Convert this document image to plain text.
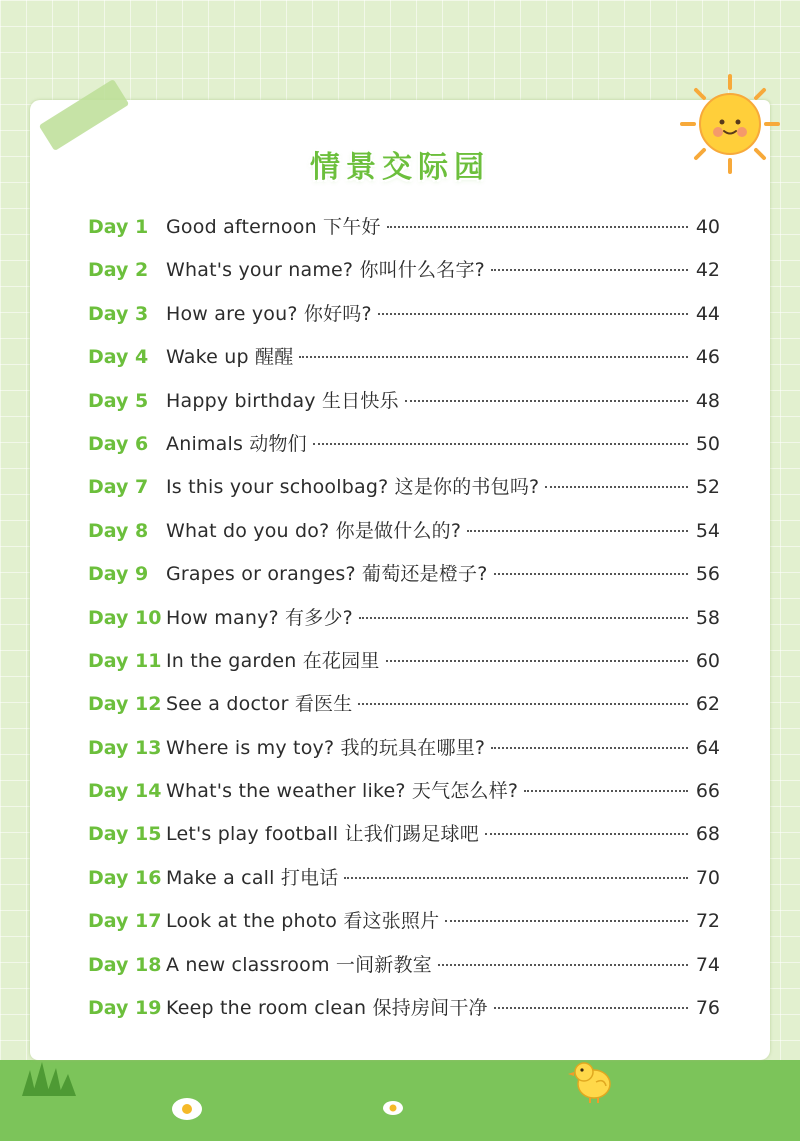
情景交际园
Day 1 Good afternoon 下午好	40
Day 2 What's your name? 你叫什么名字?	42
Day 3 How are you? 你好吗?	44
Day 4 Wake up 醒醒	46
Day 5 Happy birthday 生日快乐	48
Day 6 Animals 动物们	50
Day 7 Is this your schoolbag? 这是你的书包吗?	52
Day 8 What do you do? 你是做什么的?	54
Day 9 Grapes or oranges? 葡萄还是橙子?	56
Day 10 How many? 有多少?	58
Day 11 In the garden 在花园里	60
Day 12 See a doctor 看医生	62
Day 13 Where is my toy? 我的玩具在哪里?	64
Day 14 What's the weather like? 天气怎么样?	66
Day 15 Let's play football 让我们踢足球吧	68
Day 16 Make a call 打电话	70
Day 17 Look at the photo 看这张照片	72
Day 18 A new classroom 一间新教室	74
Day 19 Keep the room clean 保持房间干净	76
